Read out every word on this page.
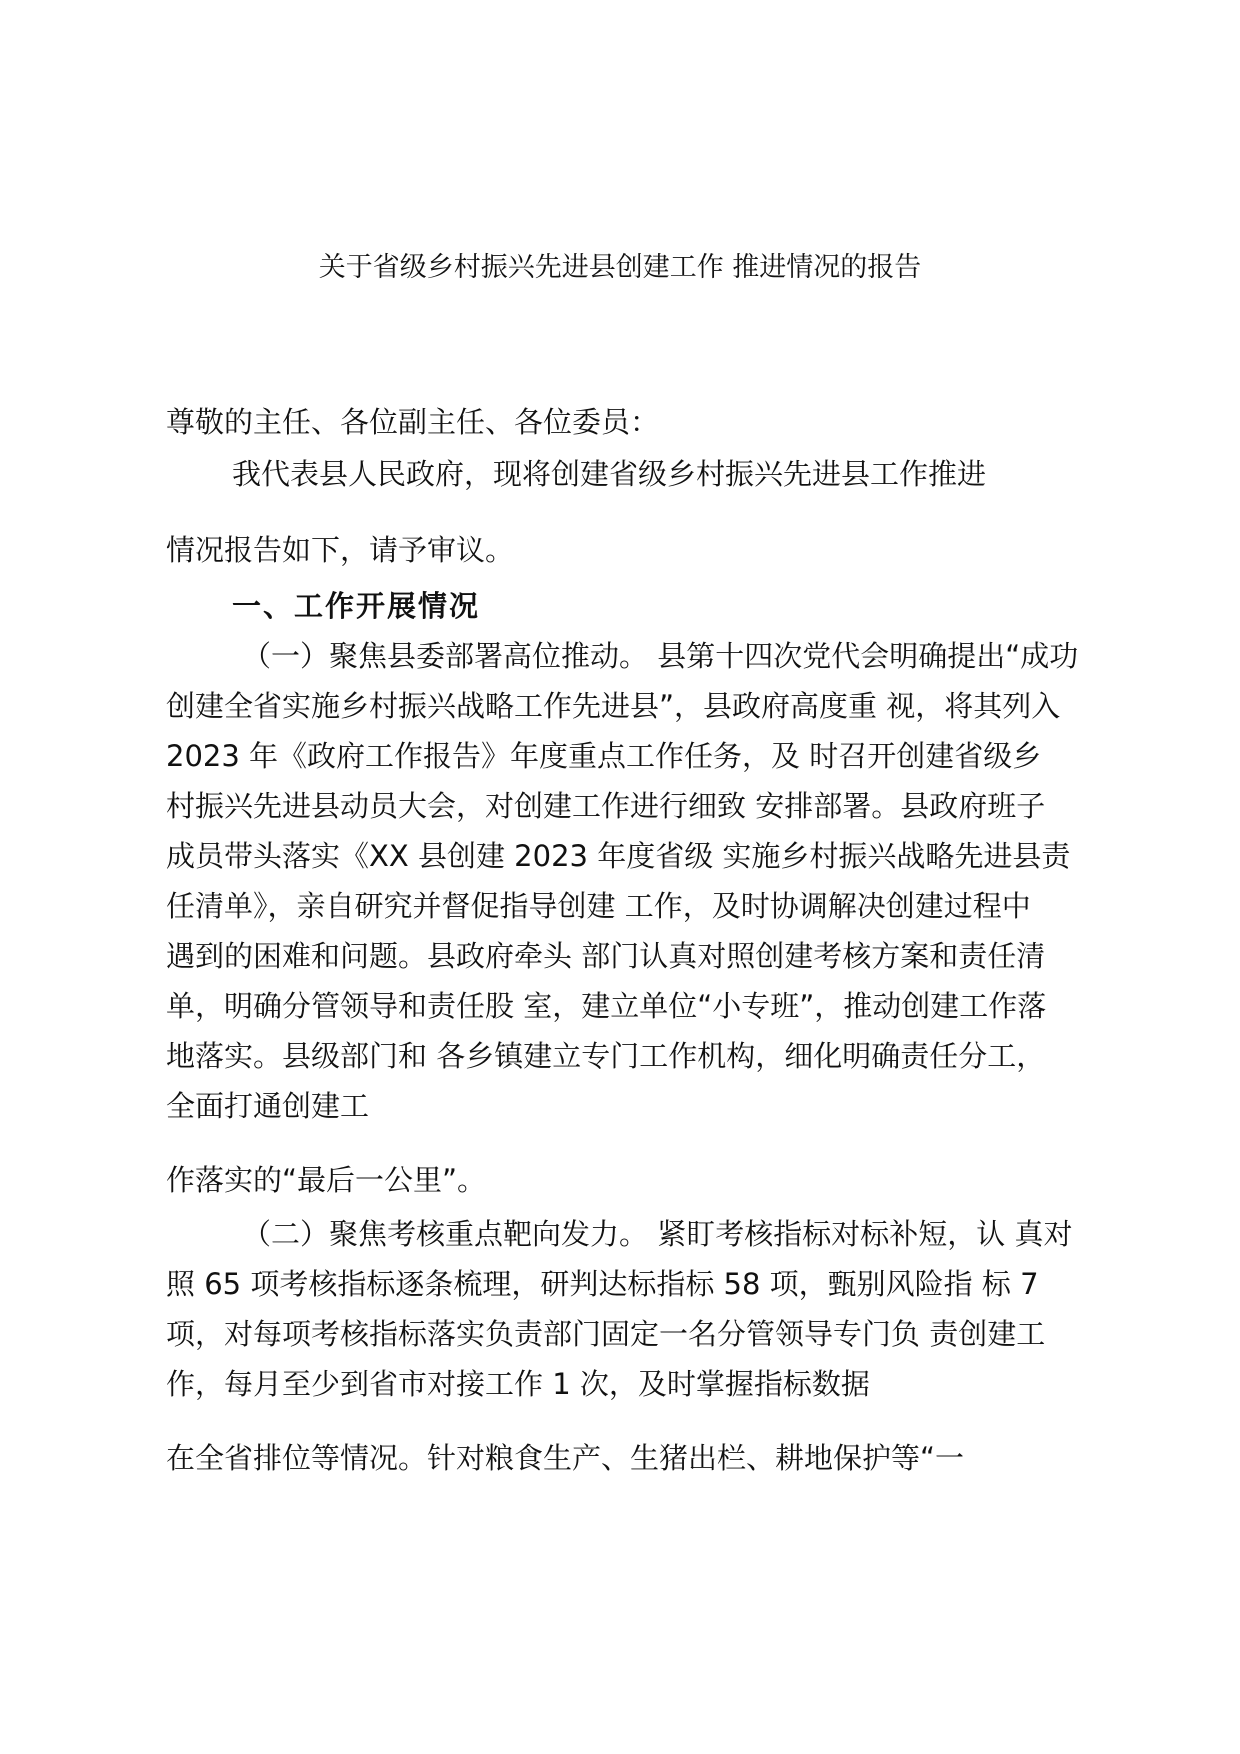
关于省级乡村振兴先进县创建工作 推进情况的报告
尊敬的主任、各位副主任、各位委员：
我代表县人民政府，现将创建省级乡村振兴先进县工作推进
情况报告如下，请予审议。
一、工作开展情况
（一）聚焦县委部署高位推动。 县第十四次党代会明确提出“成功
创建全省实施乡村振兴战略工作先进县”，县政府高度重 视，将其列入
2023 年《政府工作报告》年度重点工作任务，及 时召开创建省级乡
村振兴先进县动员大会，对创建工作进行细致 安排部署。县政府班子
成员带头落实《XX 县创建 2023 年度省级 实施乡村振兴战略先进县责
任清单》，亲自研究并督促指导创建 工作，及时协调解决创建过程中
遇到的困难和问题。县政府牵头 部门认真对照创建考核方案和责任清
单，明确分管领导和责任股 室，建立单位“小专班”，推动创建工作落
地落实。县级部门和 各乡镇建立专门工作机构，细化明确责任分工，
全面打通创建工
作落实的“最后一公里”。
（二）聚焦考核重点靶向发力。 紧盯考核指标对标补短，认 真对
照 65 项考核指标逐条梳理，研判达标指标 58 项，甄别风险指 标 7
项，对每项考核指标落实负责部门固定一名分管领导专门负 责创建工
作，每月至少到省市对接工作 1 次，及时掌握指标数据
在全省排位等情况。针对粮食生产、生猪出栏、耕地保护等“一
